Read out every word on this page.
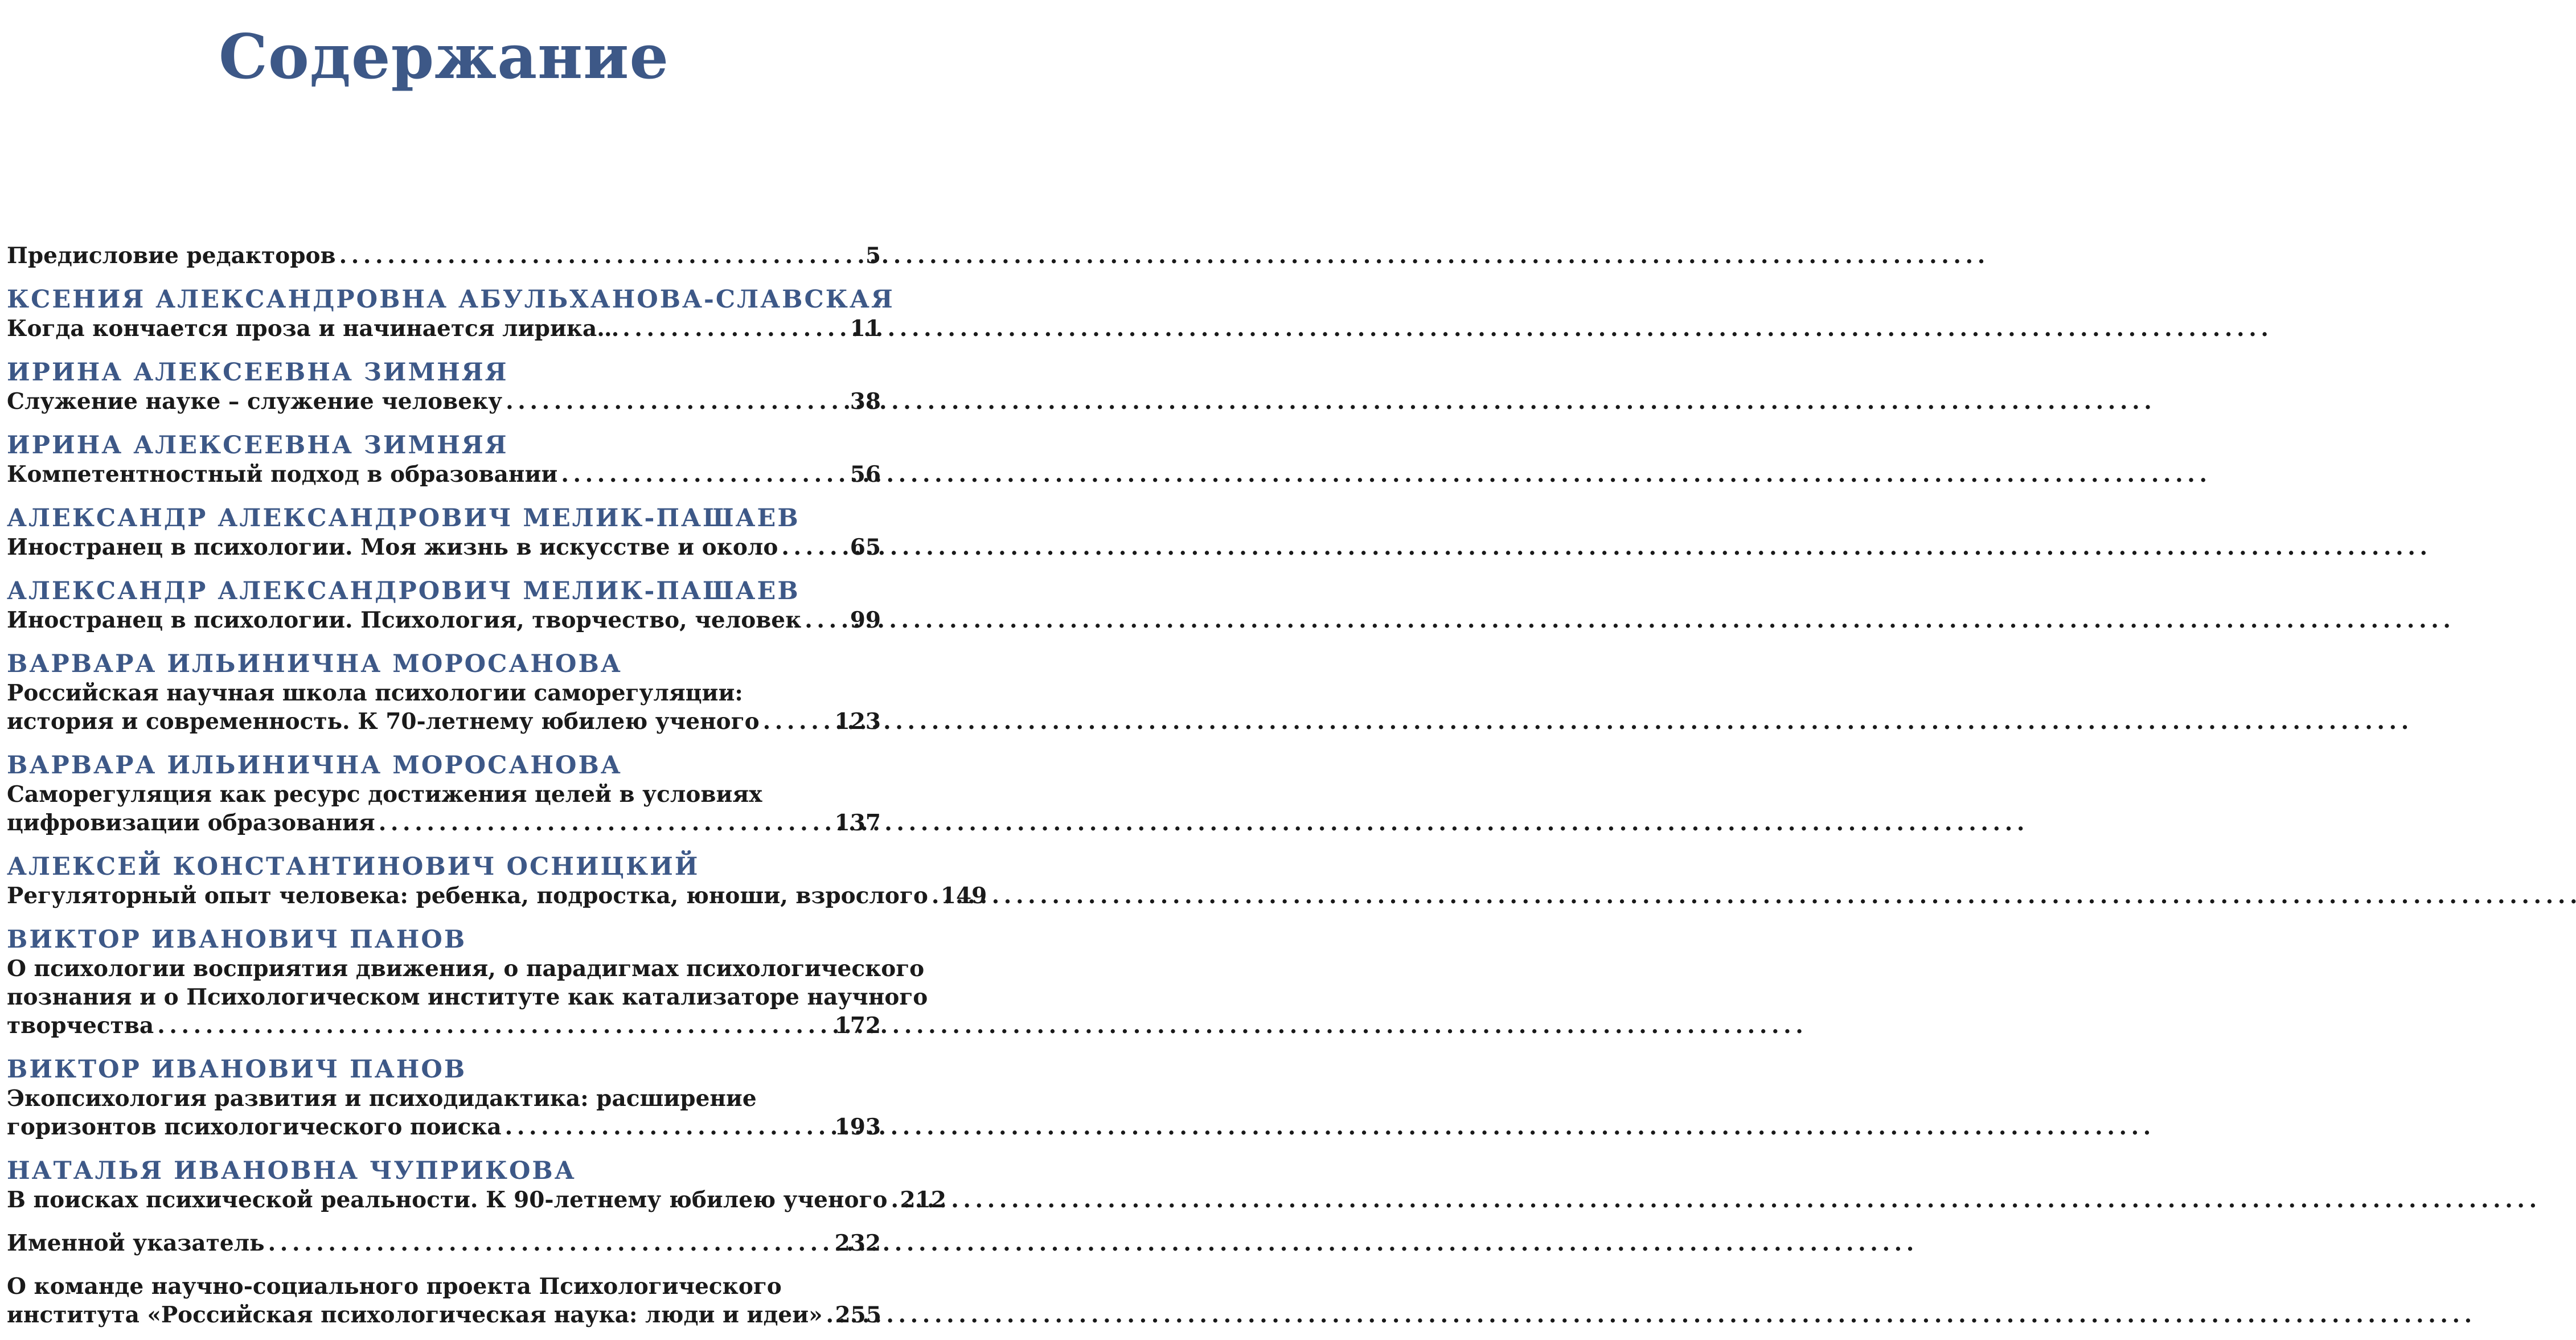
Содержание
Предисловие редакторов . . .	5
КСЕНИЯ АЛЕКСАНДРОВНА АБУЛЬХАНОВА-СЛАВСКАЯ
Когда кончается проза и начинается лирика… . . .	11
ИРИНА АЛЕКСЕЕВНА ЗИМНЯЯ
Служение науке – служение человеку . . .	38
ИРИНА АЛЕКСЕЕВНА ЗИМНЯЯ
Компетентностный подход в образовании . . .	56
АЛЕКСАНДР АЛЕКСАНДРОВИЧ МЕЛИК-ПАШАЕВ
Иностранец в психологии. Моя жизнь в искусстве и около . . .	65
АЛЕКСАНДР АЛЕКСАНДРОВИЧ МЕЛИК-ПАШАЕВ
Иностранец в психологии. Психология, творчество, человек . . . 99
ВАРВАРА ИЛЬИНИЧНА МОРОСАНОВА
Российская научная школа психологии саморегуляции:
история и современность. К 70-летнему юбилею ученого . . .	123
ВАРВАРА ИЛЬИНИЧНА МОРОСАНОВА
Саморегуляция как ресурс достижения целей в условиях
цифровизации образования . . .	137
АЛЕКСЕЙ КОНСТАНТИНОВИЧ ОСНИЦКИЙ
Регуляторный опыт человека: ребенка, подростка, юноши, взрослого . . . 149
ВИКТОР ИВАНОВИЧ ПАНОВ
О психологии восприятия движения, о парадигмах психологического
познания и о Психологическом институте как катализаторе научного
творчества . . .	172
ВИКТОР ИВАНОВИЧ ПАНОВ
Экопсихология развития и психодидактика: расширение
горизонтов психологического поиска . . .	193
НАТАЛЬЯ ИВАНОВНА ЧУПРИКОВА
В поисках психической реальности. К 90-летнему юбилею ученого . . . 212
Именной указатель . . .	232
О команде научно-социального проекта Психологического
института «Российская психологическая наука: люди и идеи» . . . 255
